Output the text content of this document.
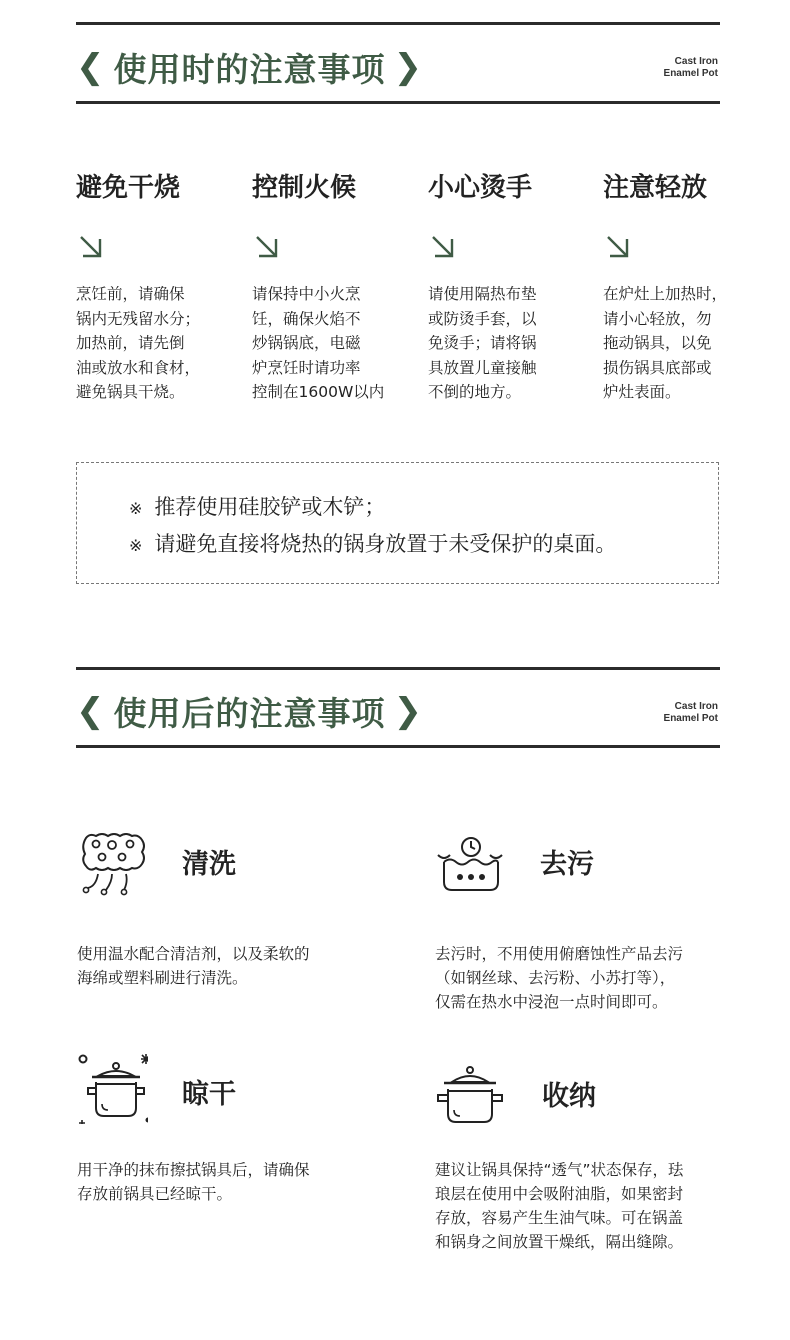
❮ 使用时的注意事项 ❯	Cast Iron
Enamel Pot
避免干烧
烹饪前，请确保
锅内无残留水分；
加热前，请先倒
油或放水和食材，
避免锅具干烧。
控制火候
请保持中小火烹
饪，确保火焰不
炒锅锅底，电磁
炉烹饪时请功率
控制在1600W以内
小心烫手
请使用隔热布垫
或防烫手套，以
免烫手；请将锅
具放置儿童接触
不倒的地方。
注意轻放
在炉灶上加热时，
请小心轻放，勿
拖动锅具，以免
损伤锅具底部或
炉灶表面。
※ 推荐使用硅胶铲或木铲；
※ 请避免直接将烧热的锅身放置于未受保护的桌面。
❮ 使用后的注意事项 ❯	Cast Iron
Enamel Pot
清洗
使用温水配合清洁剂，以及柔软的
海绵或塑料刷进行清洗。
去污
去污时，不用使用俯磨蚀性产品去污
（如钢丝球、去污粉、小苏打等），
仅需在热水中浸泡一点时间即可。
晾干
用干净的抹布擦拭锅具后，请确保
存放前锅具已经晾干。
收纳
建议让锅具保持“透气”状态保存，珐
琅层在使用中会吸附油脂，如果密封
存放，容易产生生油气味。可在锅盖
和锅身之间放置干燥纸，隔出缝隙。
